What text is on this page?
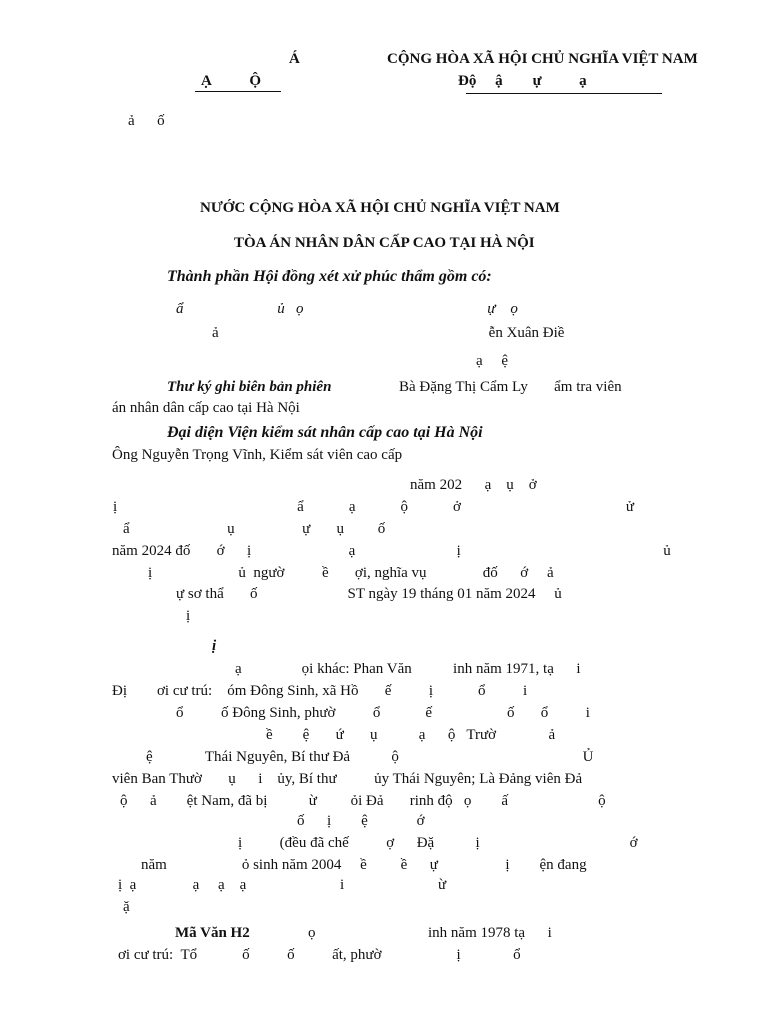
Á	CỘNG HÒA XÃ HỘI CHỦ NGHĨA VIỆT NAM
Ạ          Ộ	Độ     ậ        ự          ạ
ả      ố
NƯỚC CỘNG HÒA XÃ HỘI CHỦ NGHĨA VIỆT NAM
TÒA ÁN NHÂN DÂN CẤP CAO TẠI HÀ NỘI
Thành phần Hội đồng xét xử phúc thẩm gồm có:
ẩ                         ủ   ọ                                                 ự    ọ
ả                                                                        ễn Xuân Điề
ạ     ệ
Thư ký ghi biên bản phiên	Bà Đặng Thị Cẩm Ly       ẩm tra viên
án nhân dân cấp cao tại Hà Nội
Đại diện Viện kiểm sát nhân cấp cao tại Hà Nội
Ông Nguyễn Trọng Vĩnh, Kiểm sát viên cao cấp
năm 202      ạ    ụ    ở
ị                                                ẩ            ạ            ộ            ở                                            ử
ẩ                          ụ                  ự       ụ         ố
năm 2024 đố       ớ      ị                          ạ                           ị                                                      ủ
ị                       ủ  ngườ          ề       ợi, nghĩa vụ               đố      ớ     ả
ự sơ thẩ       ố                        ST ngày 19 tháng 01 năm 2024     ủ
ị
ị
ạ                ọi khác: Phan Văn           inh năm 1971, tạ      i
Đị        ơi cư trú:    óm Đông Sinh, xã Hồ       ế          ị            ổ          i
ổ          ố Đông Sinh, phườ          ổ            ế                    ố       ổ          i
ề        ệ       ứ       ụ           ạ      ộ   Trườ              ả
ệ              Thái Nguyên, Bí thư Đả           ộ                                                 Ủ
viên Ban Thườ       ụ      i    ủy, Bí thư          ủy Thái Nguyên; Là Đảng viên Đả
ộ      ả        ệt Nam, đã bị           ừ         ỏi Đả       rinh độ   ọ        ấ                        ộ
ố      ị        ệ             ớ
ị          (đều đã chế          ợ      Đặ           ị                                        ớ
năm                    ỏ sinh năm 2004     ề         ề      ự                  ị        ện đang
ị  ạ               ạ     ạ    ạ                         i                         ừ
ặ
Mã Văn H2	ọ                              inh năm 1978 tạ      i
ơi cư trú:  Tổ            ố          ố          ất, phườ                    ị              ổ
